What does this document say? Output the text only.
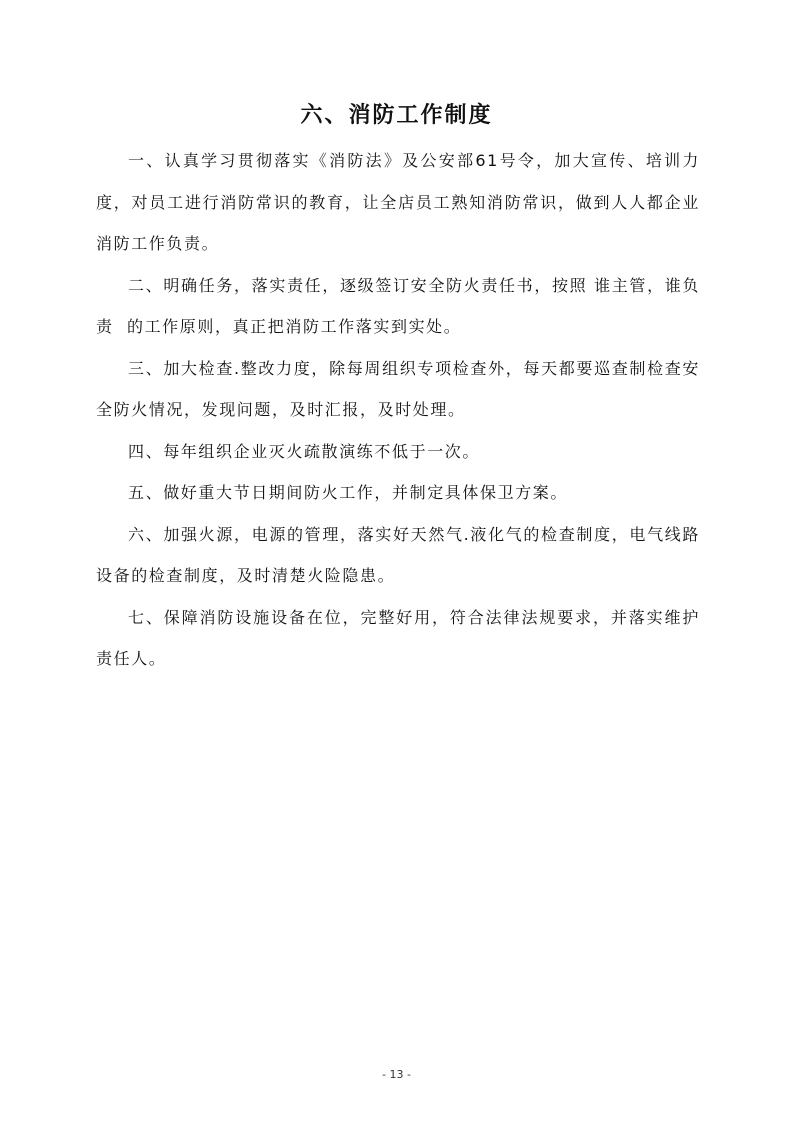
六、消防工作制度

一、认真学习贯彻落实《消防法》及公安部61号令，加大宣传、培训力度，对员工进行消防常识的教育，让全店员工熟知消防常识，做到人人都企业消防工作负责。

二、明确任务，落实责任，逐级签订安全防火责任书，按照 谁主管，谁负责  的工作原则，真正把消防工作落实到实处。

三、加大检查.整改力度，除每周组织专项检查外，每天都要巡查制检查安全防火情况，发现问题，及时汇报，及时处理。

四、每年组织企业灭火疏散演练不低于一次。

五、做好重大节日期间防火工作，并制定具体保卫方案。

六、加强火源，电源的管理，落实好天然气.液化气的检查制度，电气线路设备的检查制度，及时清楚火险隐患。

七、保障消防设施设备在位，完整好用，符合法律法规要求，并落实维护责任人。

- 13 -
